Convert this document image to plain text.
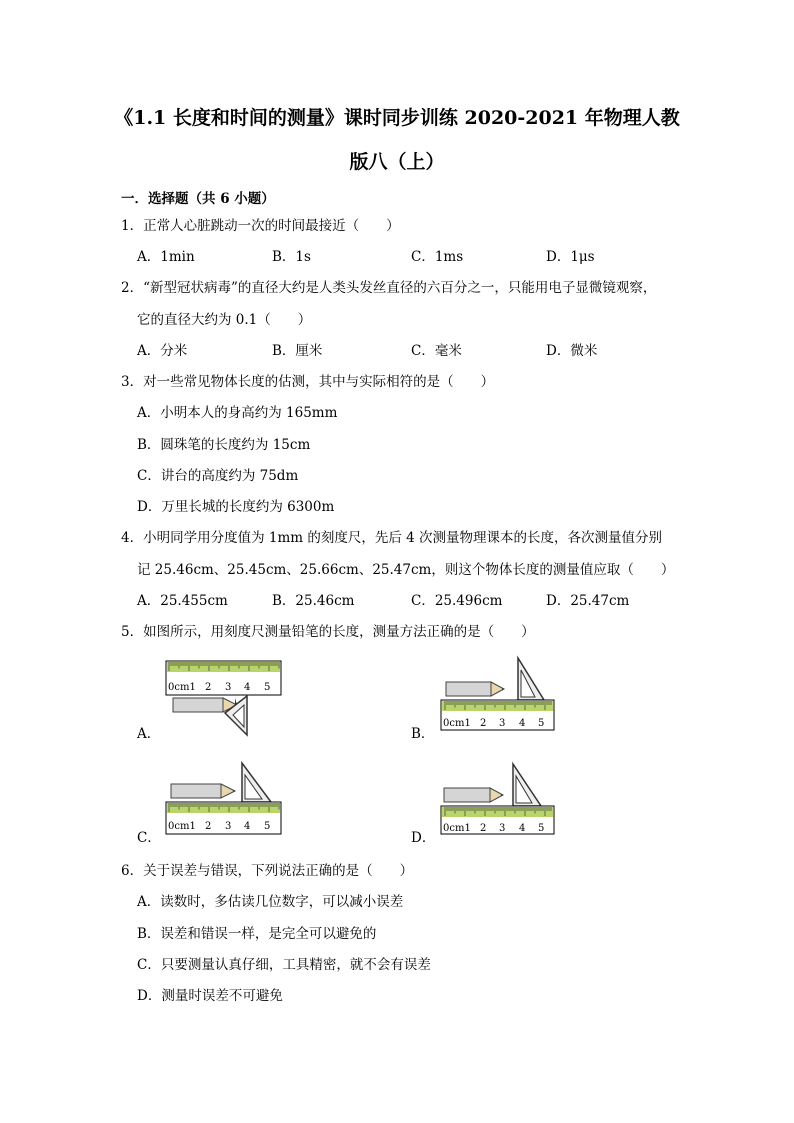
《1.1 长度和时间的测量》课时同步训练 2020-2021 年物理人教
版八（上）
一．选择题（共 6 小题）
1．正常人心脏跳动一次的时间最接近（　　）
A．1min	B．1s	C．1ms	D．1μs
2．“新型冠状病毒”的直径大约是人类头发丝直径的六百分之一，只能用电子显微镜观察，
它的直径大约为 0.1（　　）
A．分米	B．厘米	C．毫米	D．微米
3．对一些常见物体长度的估测，其中与实际相符的是（　　）
A．小明本人的身高约为 165mm
B．圆珠笔的长度约为 15cm
C．讲台的高度约为 75dm
D．万里长城的长度约为 6300m
4．小明同学用分度值为 1mm 的刻度尺，先后 4 次测量物理课本的长度，各次测量值分别
记 25.46cm、25.45cm、25.66cm、25.47cm，则这个物体长度的测量值应取（　　）
A．25.455cm	B．25.46cm	C．25.496cm	D．25.47cm
5．如图所示，用刻度尺测量铅笔的长度，测量方法正确的是（　　）
0cm1 2 3 4 5
A．
0cm1 2 3 4 5
B．
0cm1 2 3 4 5
C．
0cm1 2 3 4 5
D．
6．关于误差与错误，下列说法正确的是（　　）
A．读数时，多估读几位数字，可以减小误差
B．误差和错误一样，是完全可以避免的
C．只要测量认真仔细，工具精密，就不会有误差
D．测量时误差不可避免
